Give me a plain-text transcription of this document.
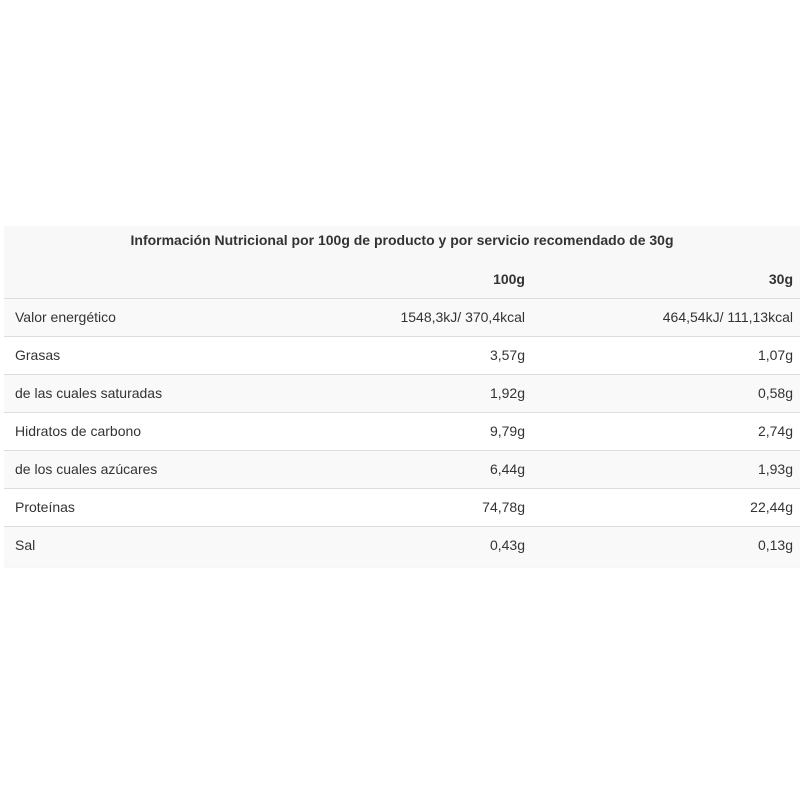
Información Nutricional por 100g de producto y por servicio recomendado de 30g
	100g	30g
Valor energético	1548,3kJ/ 370,4kcal	464,54kJ/ 111,13kcal
Grasas	3,57g	1,07g
de las cuales saturadas	1,92g	0,58g
Hidratos de carbono	9,79g	2,74g
de los cuales azúcares	6,44g	1,93g
Proteínas	74,78g	22,44g
Sal	0,43g	0,13g
